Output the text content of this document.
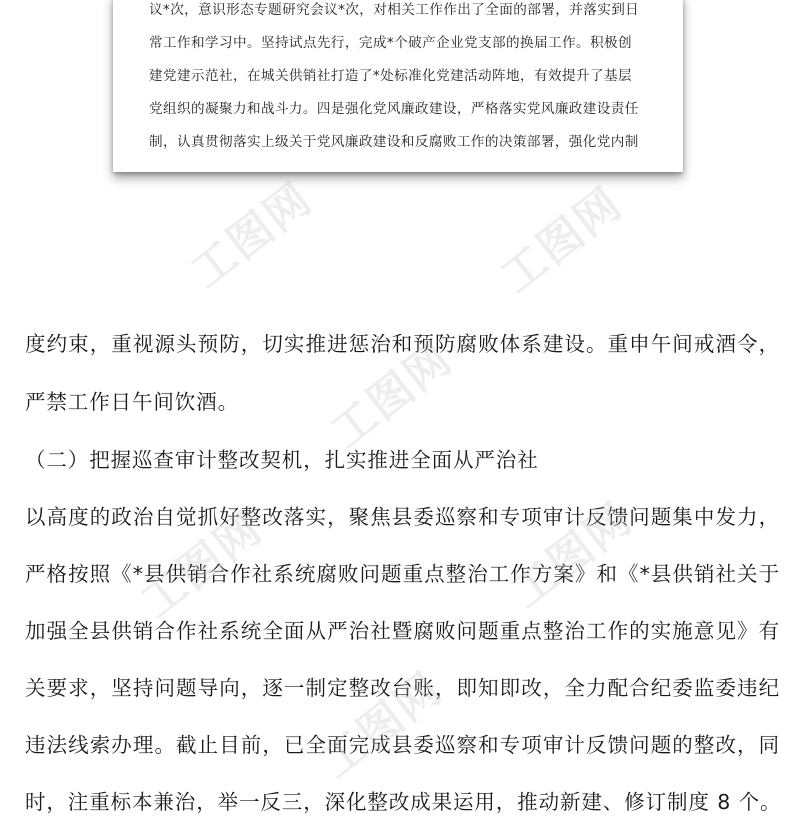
议*次，意识形态专题研究会议*次，对相关工作作出了全面的部署，并落实到日
常工作和学习中。坚持试点先行，完成*个破产企业党支部的换届工作。积极创
建党建示范社，在城关供销社打造了*处标准化党建活动阵地，有效提升了基层
党组织的凝聚力和战斗力。四是强化党风廉政建设，严格落实党风廉政建设责任
制，认真贯彻落实上级关于党风廉政建设和反腐败工作的决策部署，强化党内制
度约束，重视源头预防，切实推进惩治和预防腐败体系建设。重申午间戒酒令，
严禁工作日午间饮酒。
（二）把握巡查审计整改契机，扎实推进全面从严治社
以高度的政治自觉抓好整改落实，聚焦县委巡察和专项审计反馈问题集中发力，
严格按照《*县供销合作社系统腐败问题重点整治工作方案》和《*县供销社关于
加强全县供销合作社系统全面从严治社暨腐败问题重点整治工作的实施意见》有
关要求，坚持问题导向，逐一制定整改台账，即知即改，全力配合纪委监委违纪
违法线索办理。截止目前，已全面完成县委巡察和专项审计反馈问题的整改，同
时，注重标本兼治，举一反三，深化整改成果运用，推动新建、修订制度 8 个。
工图网	工图网
工图网
工图网	工图网
工图网
